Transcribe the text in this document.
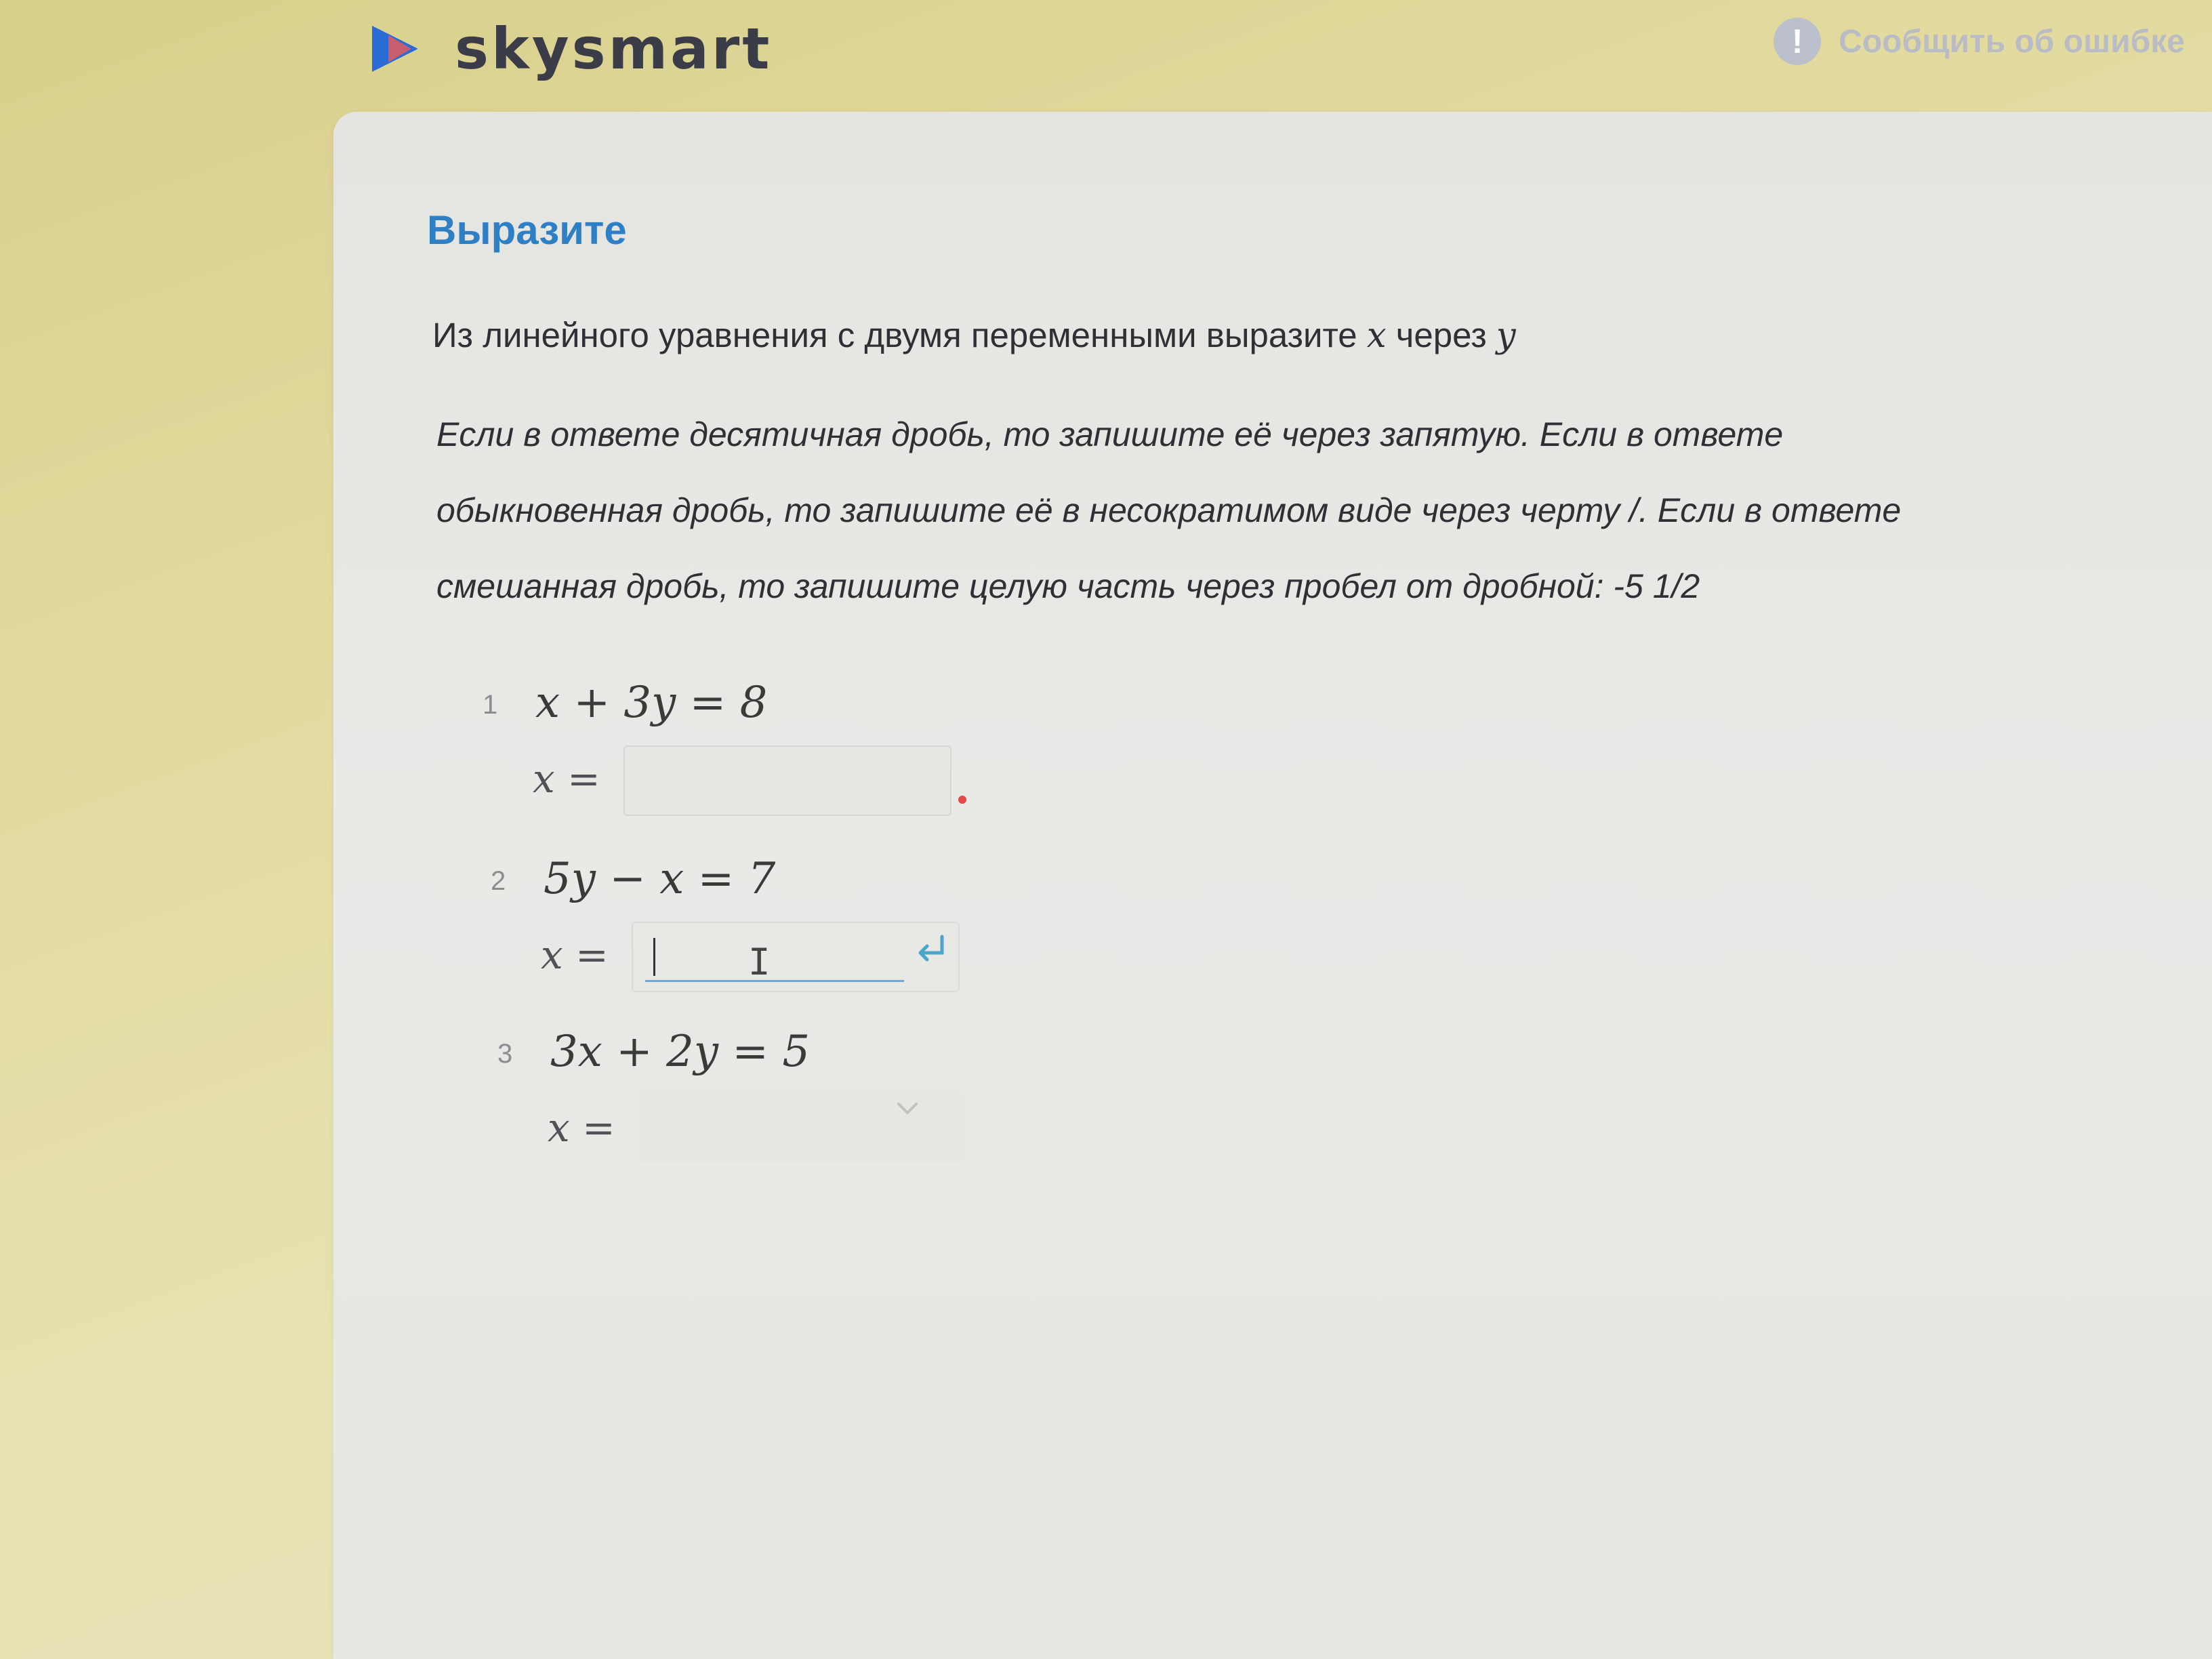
skysmart	!	Сообщить об ошибке
Выразите
Из линейного уравнения с двумя переменными выразите x через y
Если в ответе десятичная дробь, то запишите её через запятую. Если в ответе
обыкновенная дробь, то запишите её в несократимом виде через черту /. Если в ответе
смешанная дробь, то запишите целую часть через пробел от дробной: -5 1/2
1 x + 3y = 8
x =
2 5y − x = 7
x =	I
3 3x + 2y = 5
x =
